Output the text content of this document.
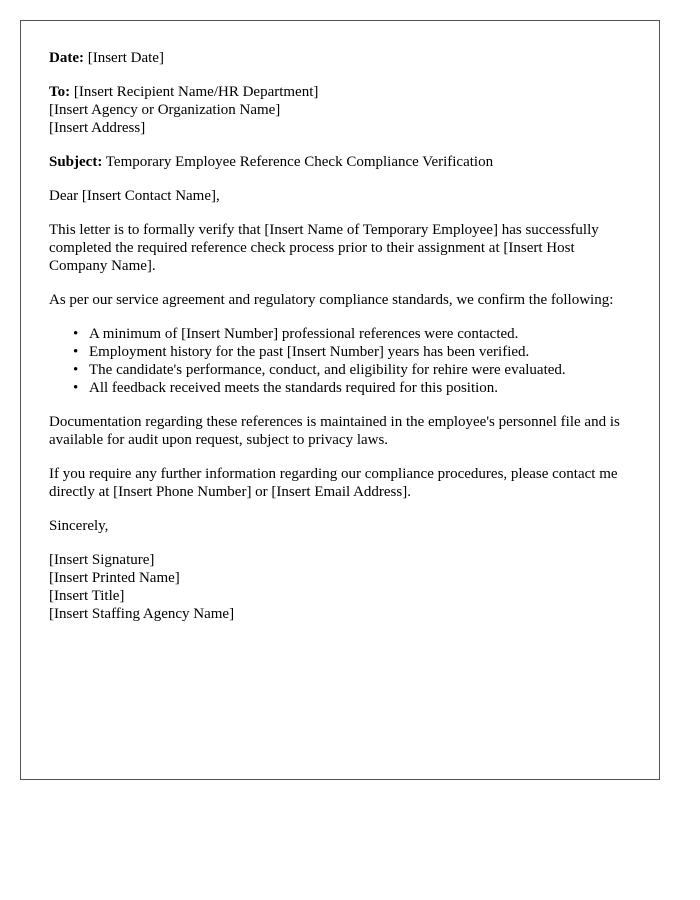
Date: [Insert Date]

To: [Insert Recipient Name/HR Department]
[Insert Agency or Organization Name]
[Insert Address]

Subject: Temporary Employee Reference Check Compliance Verification

Dear [Insert Contact Name],

This letter is to formally verify that [Insert Name of Temporary Employee] has successfully completed the required reference check process prior to their assignment at [Insert Host Company Name].

As per our service agreement and regulatory compliance standards, we confirm the following:

• A minimum of [Insert Number] professional references were contacted.
• Employment history for the past [Insert Number] years has been verified.
• The candidate's performance, conduct, and eligibility for rehire were evaluated.
• All feedback received meets the standards required for this position.

Documentation regarding these references is maintained in the employee's personnel file and is available for audit upon request, subject to privacy laws.

If you require any further information regarding our compliance procedures, please contact me directly at [Insert Phone Number] or [Insert Email Address].

Sincerely,

[Insert Signature]
[Insert Printed Name]
[Insert Title]
[Insert Staffing Agency Name]
